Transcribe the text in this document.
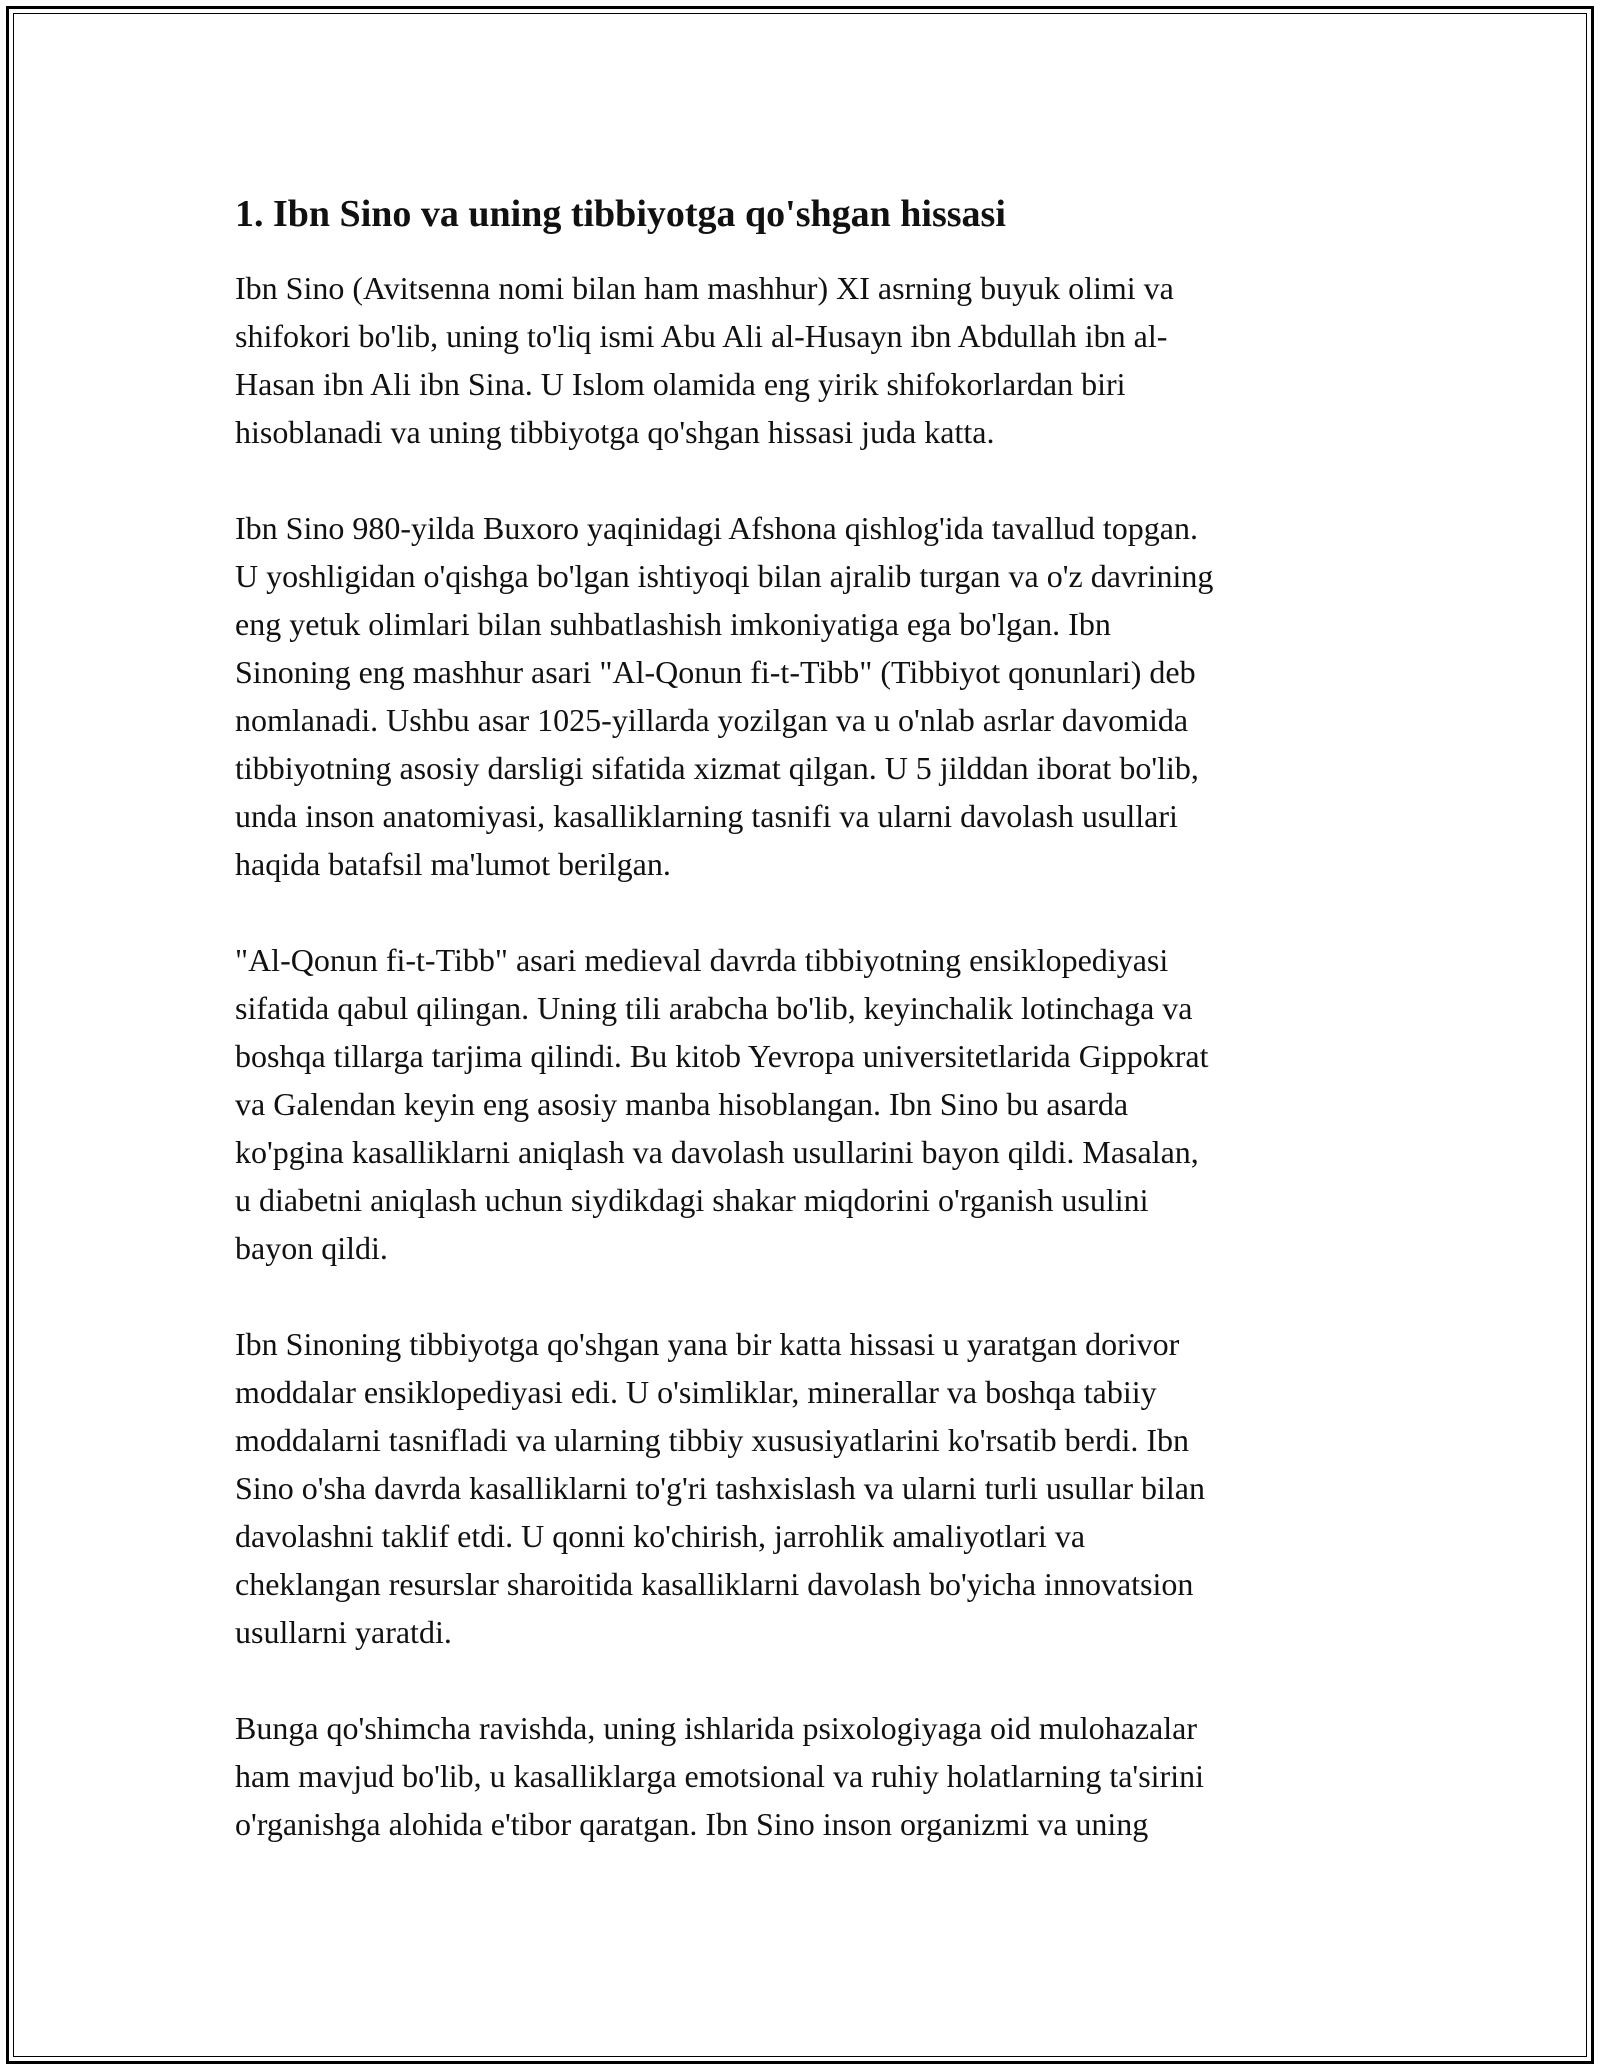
1. Ibn Sino va uning tibbiyotga qo'shgan hissasi

Ibn Sino (Avitsenna nomi bilan ham mashhur) XI asrning buyuk olimi va
shifokori bo'lib, uning to'liq ismi Abu Ali al-Husayn ibn Abdullah ibn al-
Hasan ibn Ali ibn Sina. U Islom olamida eng yirik shifokorlardan biri
hisoblanadi va uning tibbiyotga qo'shgan hissasi juda katta.

Ibn Sino 980-yilda Buxoro yaqinidagi Afshona qishlog'ida tavallud topgan.
U yoshligidan o'qishga bo'lgan ishtiyoqi bilan ajralib turgan va o'z davrining
eng yetuk olimlari bilan suhbatlashish imkoniyatiga ega bo'lgan. Ibn
Sinoning eng mashhur asari "Al-Qonun fi-t-Tibb" (Tibbiyot qonunlari) deb
nomlanadi. Ushbu asar 1025-yillarda yozilgan va u o'nlab asrlar davomida
tibbiyotning asosiy darsligi sifatida xizmat qilgan. U 5 jilddan iborat bo'lib,
unda inson anatomiyasi, kasalliklarning tasnifi va ularni davolash usullari
haqida batafsil ma'lumot berilgan.

"Al-Qonun fi-t-Tibb" asari medieval davrda tibbiyotning ensiklopediyasi
sifatida qabul qilingan. Uning tili arabcha bo'lib, keyinchalik lotinchaga va
boshqa tillarga tarjima qilindi. Bu kitob Yevropa universitetlarida Gippokrat
va Galendan keyin eng asosiy manba hisoblangan. Ibn Sino bu asarda
ko'pgina kasalliklarni aniqlash va davolash usullarini bayon qildi. Masalan,
u diabetni aniqlash uchun siydikdagi shakar miqdorini o'rganish usulini
bayon qildi.

Ibn Sinoning tibbiyotga qo'shgan yana bir katta hissasi u yaratgan dorivor
moddalar ensiklopediyasi edi. U o'simliklar, minerallar va boshqa tabiiy
moddalarni tasnifladi va ularning tibbiy xususiyatlarini ko'rsatib berdi. Ibn
Sino o'sha davrda kasalliklarni to'g'ri tashxislash va ularni turli usullar bilan
davolashni taklif etdi. U qonni ko'chirish, jarrohlik amaliyotlari va
cheklangan resurslar sharoitida kasalliklarni davolash bo'yicha innovatsion
usullarni yaratdi.

Bunga qo'shimcha ravishda, uning ishlarida psixologiyaga oid mulohazalar
ham mavjud bo'lib, u kasalliklarga emotsional va ruhiy holatlarning ta'sirini
o'rganishga alohida e'tibor qaratgan. Ibn Sino inson organizmi va uning
